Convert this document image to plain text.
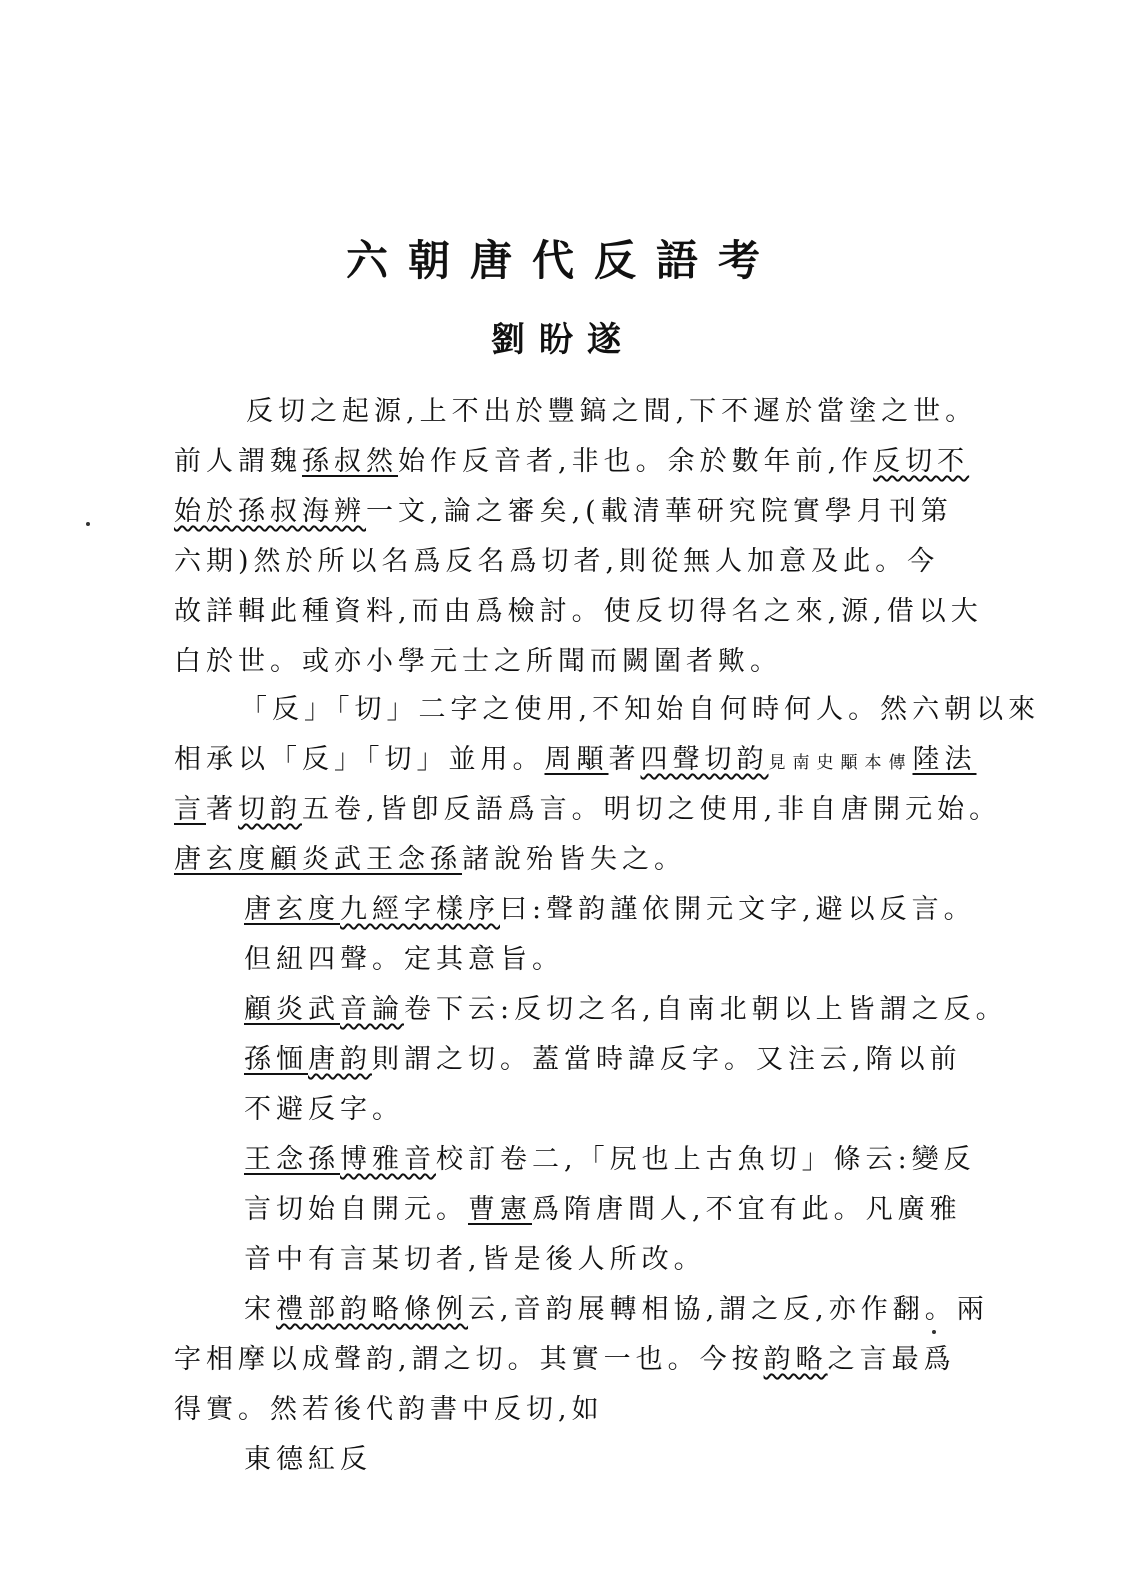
六朝唐代反語考
劉盼遂
反切之起源,上不出於豐鎬之間,下不遲於當塗之世。
前人謂魏孫叔然始作反音者,非也。余於數年前,作反切不
始於孫叔海辨一文,論之審矣,(載清華研究院實學月刊第
六期)然於所以名爲反名爲切者,則從無人加意及此。今
故詳輯此種資料,而由爲檢討。使反切得名之來,源,借以大
白於世。或亦小學元士之所聞而闕圍者歟。
「反」「切」二字之使用,不知始自何時何人。然六朝以來
相承以「反」「切」並用。周顒著四聲切韵見南史顒本傳陸法
言著切韵五卷,皆卽反語爲言。明切之使用,非自唐開元始。
唐玄度顧炎武王念孫諸說殆皆失之。
唐玄度九經字樣序曰:聲韵謹依開元文字,避以反言。
但紐四聲。定其意旨。
顧炎武音論卷下云:反切之名,自南北朝以上皆謂之反。
孫愐唐韵則謂之切。蓋當時諱反字。又注云,隋以前
不避反字。
王念孫博雅音校訂卷二,「尻也上古魚切」條云:變反
言切始自開元。曹憲爲隋唐間人,不宜有此。凡廣雅
音中有言某切者,皆是後人所改。
宋禮部韵略條例云,音韵展轉相協,謂之反,亦作翻。兩
字相摩以成聲韵,謂之切。其實一也。今按韵略之言最爲
得實。然若後代韵書中反切,如
東德紅反
